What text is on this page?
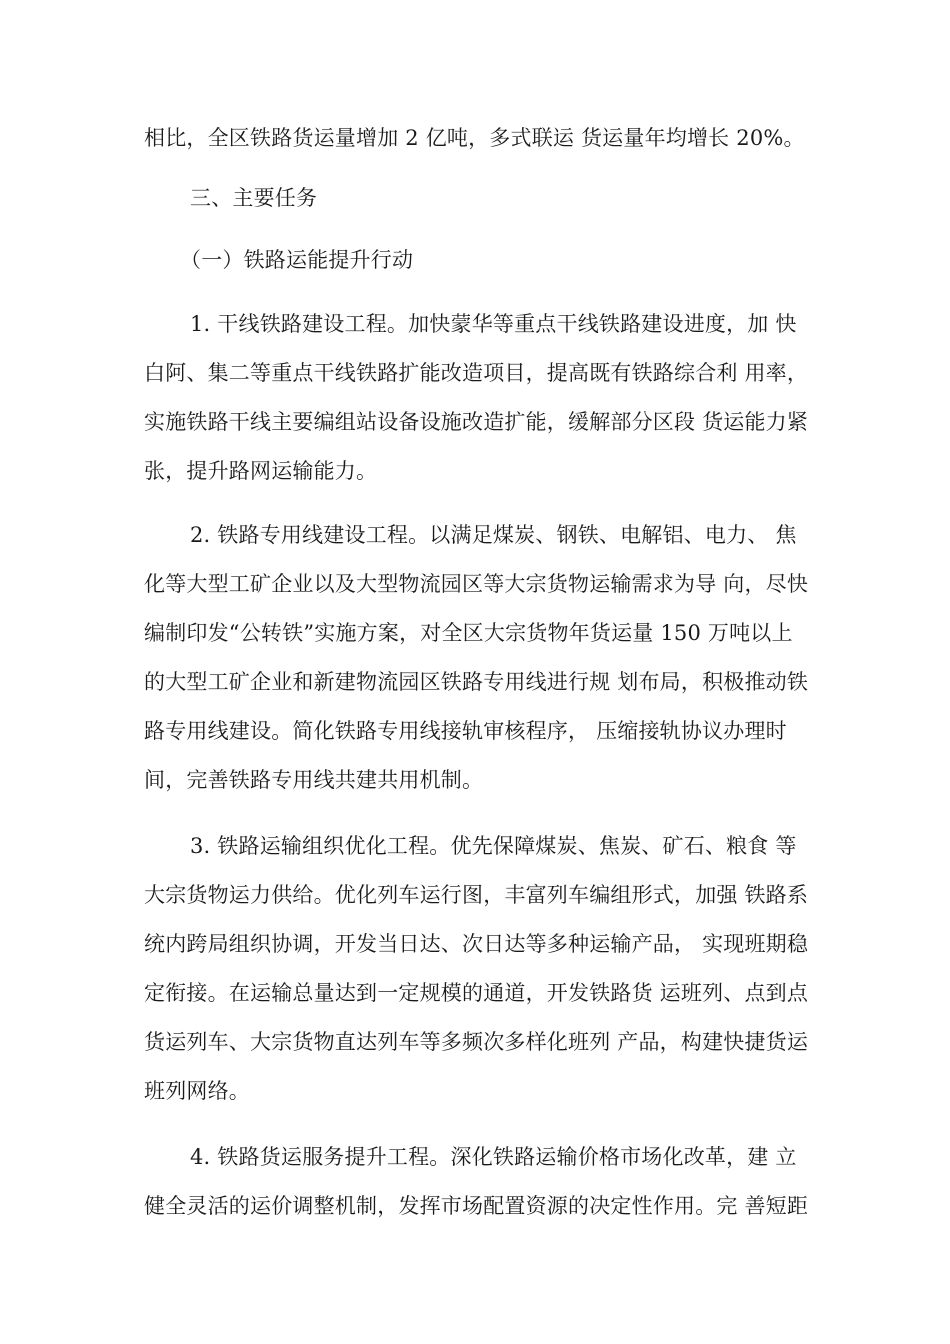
相比，全区铁路货运量增加 2 亿吨，多式联运 货运量年均增长 20%。
三、主要任务
（一）铁路运能提升行动
1. 干线铁路建设工程。加快蒙华等重点干线铁路建设进度，加 快
白阿、集二等重点干线铁路扩能改造项目，提高既有铁路综合利 用率，
实施铁路干线主要编组站设备设施改造扩能，缓解部分区段 货运能力紧
张，提升路网运输能力。
2. 铁路专用线建设工程。以满足煤炭、钢铁、电解铝、电力、 焦
化等大型工矿企业以及大型物流园区等大宗货物运输需求为导 向，尽快
编制印发“公转铁”实施方案，对全区大宗货物年货运量 150 万吨以上
的大型工矿企业和新建物流园区铁路专用线进行规 划布局，积极推动铁
路专用线建设。简化铁路专用线接轨审核程序， 压缩接轨协议办理时
间，完善铁路专用线共建共用机制。
3. 铁路运输组织优化工程。优先保障煤炭、焦炭、矿石、粮食 等
大宗货物运力供给。优化列车运行图，丰富列车编组形式，加强 铁路系
统内跨局组织协调，开发当日达、次日达等多种运输产品， 实现班期稳
定衔接。在运输总量达到一定规模的通道，开发铁路货 运班列、点到点
货运列车、大宗货物直达列车等多频次多样化班列 产品，构建快捷货运
班列网络。
4. 铁路货运服务提升工程。深化铁路运输价格市场化改革，建 立
健全灵活的运价调整机制，发挥市场配置资源的决定性作用。完 善短距
